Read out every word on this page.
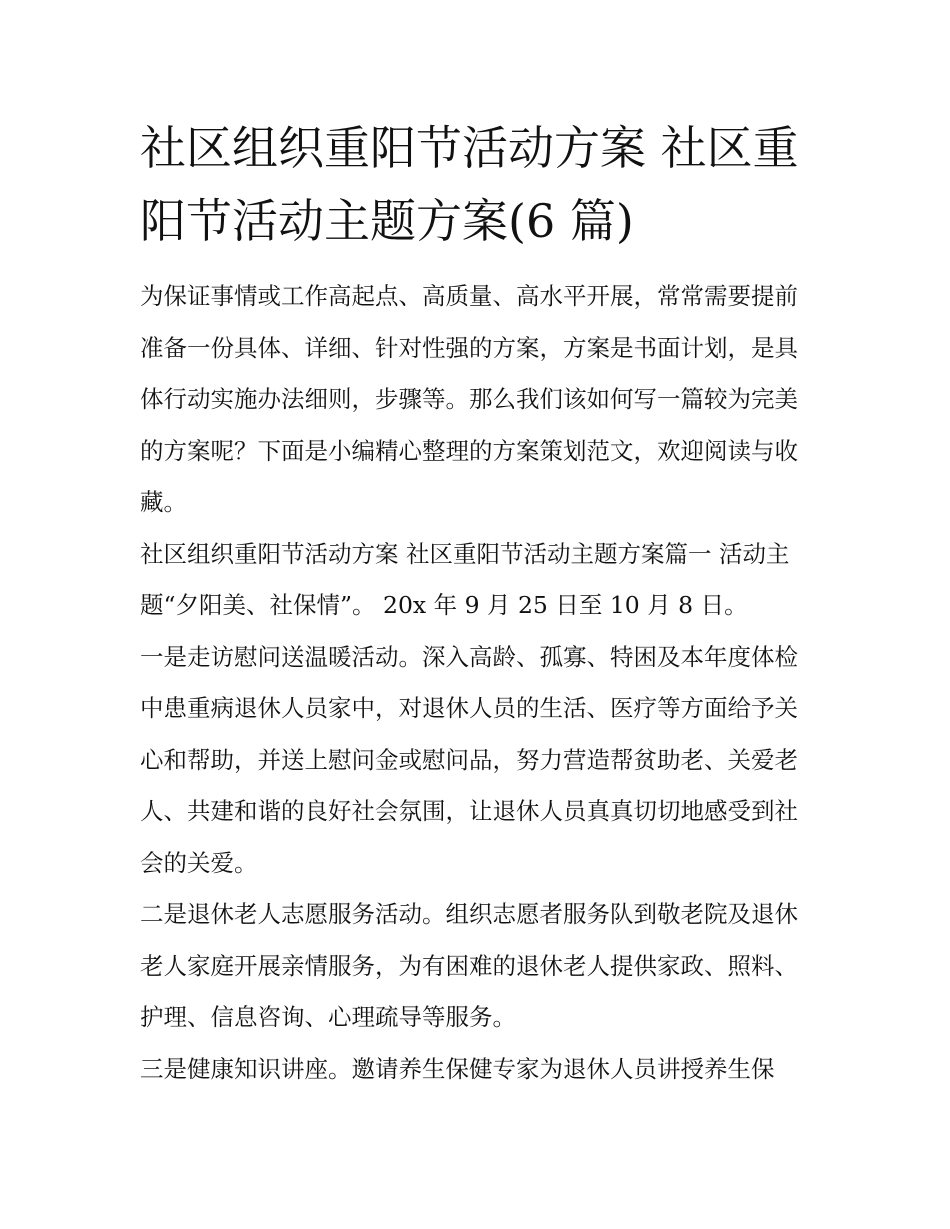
社区组织重阳节活动方案 社区重阳节活动主题方案(6 篇)

为保证事情或工作高起点、高质量、高水平开展，常常需要提前准备一份具体、详细、针对性强的方案，方案是书面计划，是具体行动实施办法细则，步骤等。那么我们该如何写一篇较为完美的方案呢？下面是小编精心整理的方案策划范文，欢迎阅读与收藏。

社区组织重阳节活动方案 社区重阳节活动主题方案篇一 活动主题“夕阳美、社保情”。 20x 年 9 月 25 日至 10 月 8 日。

一是走访慰问送温暖活动。深入高龄、孤寡、特困及本年度体检中患重病退休人员家中，对退休人员的生活、医疗等方面给予关心和帮助，并送上慰问金或慰问品，努力营造帮贫助老、关爱老人、共建和谐的良好社会氛围，让退休人员真真切切地感受到社会的关爱。

二是退休老人志愿服务活动。组织志愿者服务队到敬老院及退休老人家庭开展亲情服务，为有困难的退休老人提供家政、照料、护理、信息咨询、心理疏导等服务。

三是健康知识讲座。邀请养生保健专家为退休人员讲授养生保
